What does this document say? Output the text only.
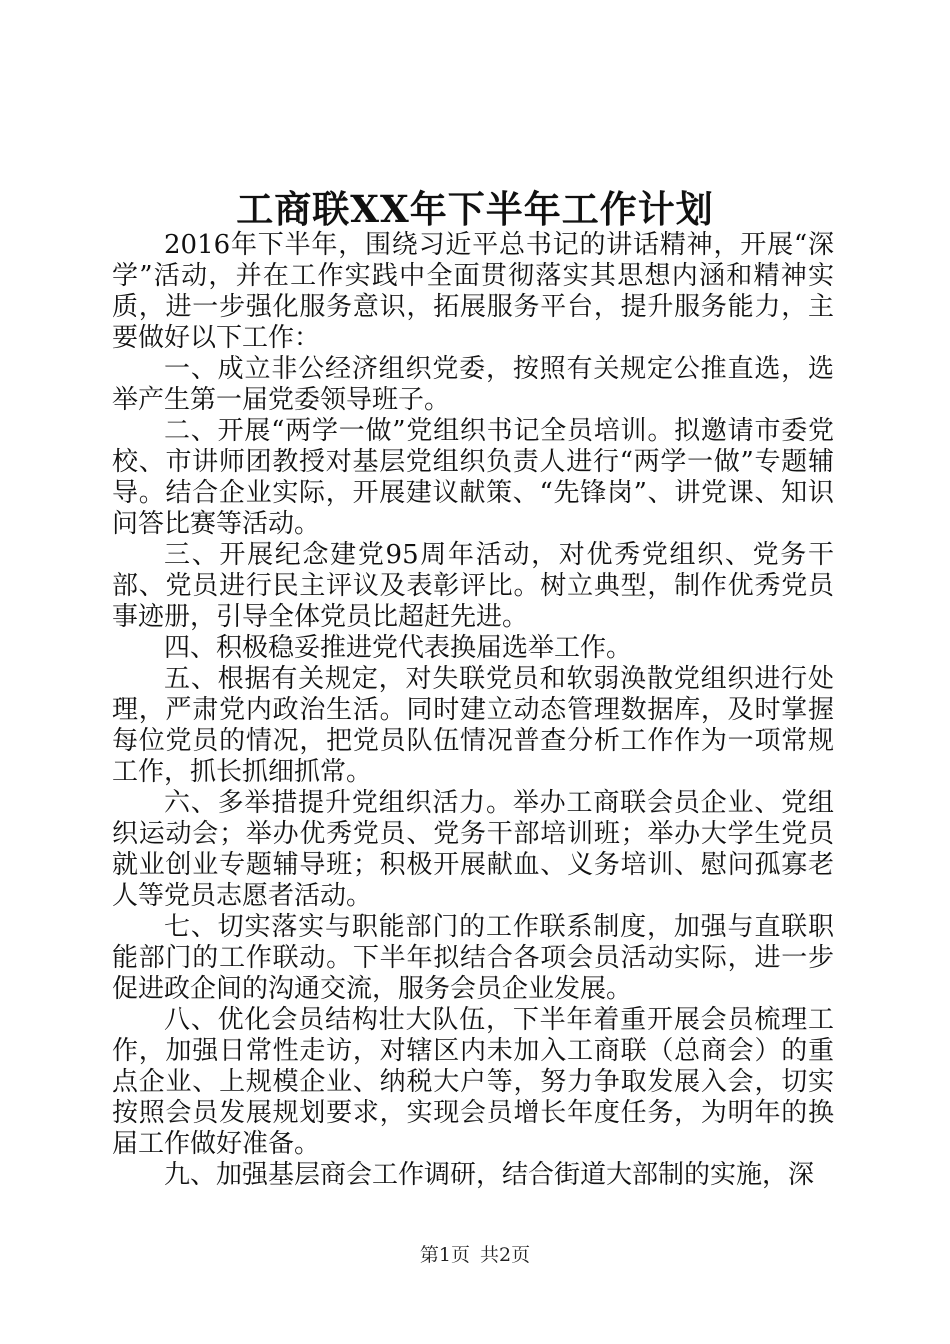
工商联XX年下半年工作计划

2016年下半年，围绕习近平总书记的讲话精神，开展“深学”活动，并在工作实践中全面贯彻落实其思想内涵和精神实质，进一步强化服务意识，拓展服务平台，提升服务能力，主要做好以下工作：

一、成立非公经济组织党委，按照有关规定公推直选，选举产生第一届党委领导班子。

二、开展“两学一做”党组织书记全员培训。拟邀请市委党校、市讲师团教授对基层党组织负责人进行“两学一做”专题辅导。结合企业实际，开展建议献策、“先锋岗”、讲党课、知识问答比赛等活动。

三、开展纪念建党95周年活动，对优秀党组织、党务干部、党员进行民主评议及表彰评比。树立典型，制作优秀党员事迹册，引导全体党员比超赶先进。

四、积极稳妥推进党代表换届选举工作。

五、根据有关规定，对失联党员和软弱涣散党组织进行处理，严肃党内政治生活。同时建立动态管理数据库，及时掌握每位党员的情况，把党员队伍情况普查分析工作作为一项常规工作，抓长抓细抓常。

六、多举措提升党组织活力。举办工商联会员企业、党组织运动会；举办优秀党员、党务干部培训班；举办大学生党员就业创业专题辅导班；积极开展献血、义务培训、慰问孤寡老人等党员志愿者活动。

七、切实落实与职能部门的工作联系制度，加强与直联职能部门的工作联动。下半年拟结合各项会员活动实际，进一步促进政企间的沟通交流，服务会员企业发展。

八、优化会员结构壮大队伍，下半年着重开展会员梳理工作，加强日常性走访，对辖区内未加入工商联（总商会）的重点企业、上规模企业、纳税大户等，努力争取发展入会，切实按照会员发展规划要求，实现会员增长年度任务，为明年的换届工作做好准备。

九、加强基层商会工作调研，结合街道大部制的实施，深

第1页 共2页
